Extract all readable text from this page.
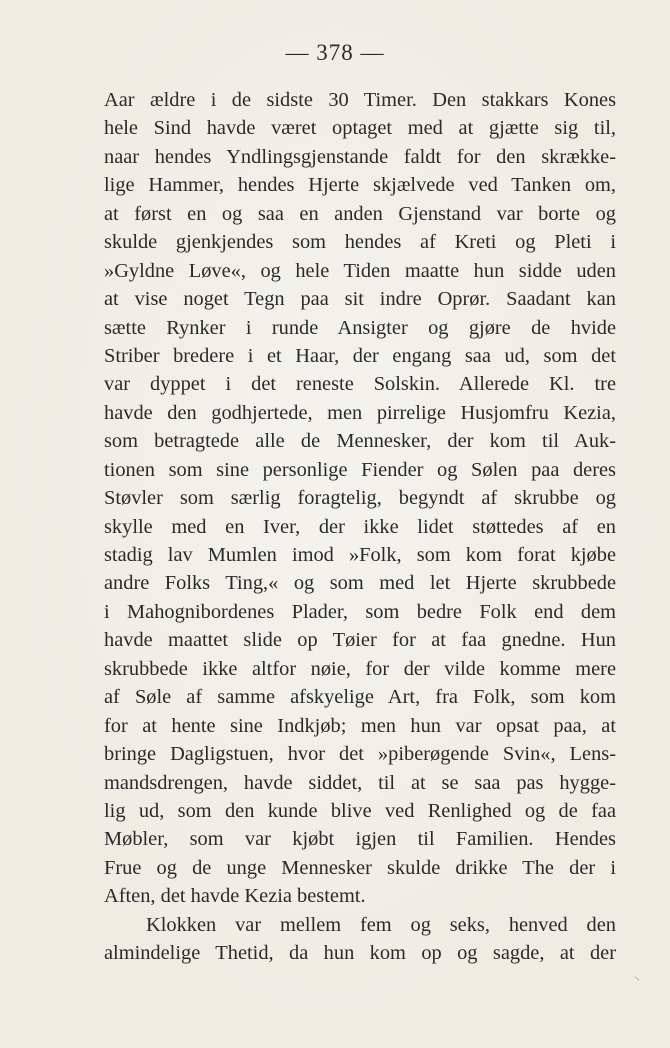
— 378 —
Aar ældre i de sidste 30 Timer. Den stakkars Kones
hele Sind havde været optaget med at gjætte sig til,
naar hendes Yndlingsgjenstande faldt for den skrække-
lige Hammer, hendes Hjerte skjælvede ved Tanken om,
at først en og saa en anden Gjenstand var borte og
skulde gjenkjendes som hendes af Kreti og Pleti i
»Gyldne Løve«, og hele Tiden maatte hun sidde uden
at vise noget Tegn paa sit indre Oprør. Saadant kan
sætte Rynker i runde Ansigter og gjøre de hvide
Striber bredere i et Haar, der engang saa ud, som det
var dyppet i det reneste Solskin. Allerede Kl. tre
havde den godhjertede, men pirrelige Husjomfru Kezia,
som betragtede alle de Mennesker, der kom til Auk-
tionen som sine personlige Fiender og Sølen paa deres
Støvler som særlig foragtelig, begyndt af skrubbe og
skylle med en Iver, der ikke lidet støttedes af en
stadig lav Mumlen imod »Folk, som kom forat kjøbe
andre Folks Ting,« og som med let Hjerte skrubbede
i Mahognibordenes Plader, som bedre Folk end dem
havde maattet slide op Tøier for at faa gnedne. Hun
skrubbede ikke altfor nøie, for der vilde komme mere
af Søle af samme afskyelige Art, fra Folk, som kom
for at hente sine Indkjøb; men hun var opsat paa, at
bringe Dagligstuen, hvor det »piberøgende Svin«, Lens-
mandsdrengen, havde siddet, til at se saa pas hygge-
lig ud, som den kunde blive ved Renlighed og de faa
Møbler, som var kjøbt igjen til Familien. Hendes
Frue og de unge Mennesker skulde drikke The der i
Aften, det havde Kezia bestemt.
Klokken var mellem fem og seks, henved den
almindelige Thetid, da hun kom op og sagde, at der
